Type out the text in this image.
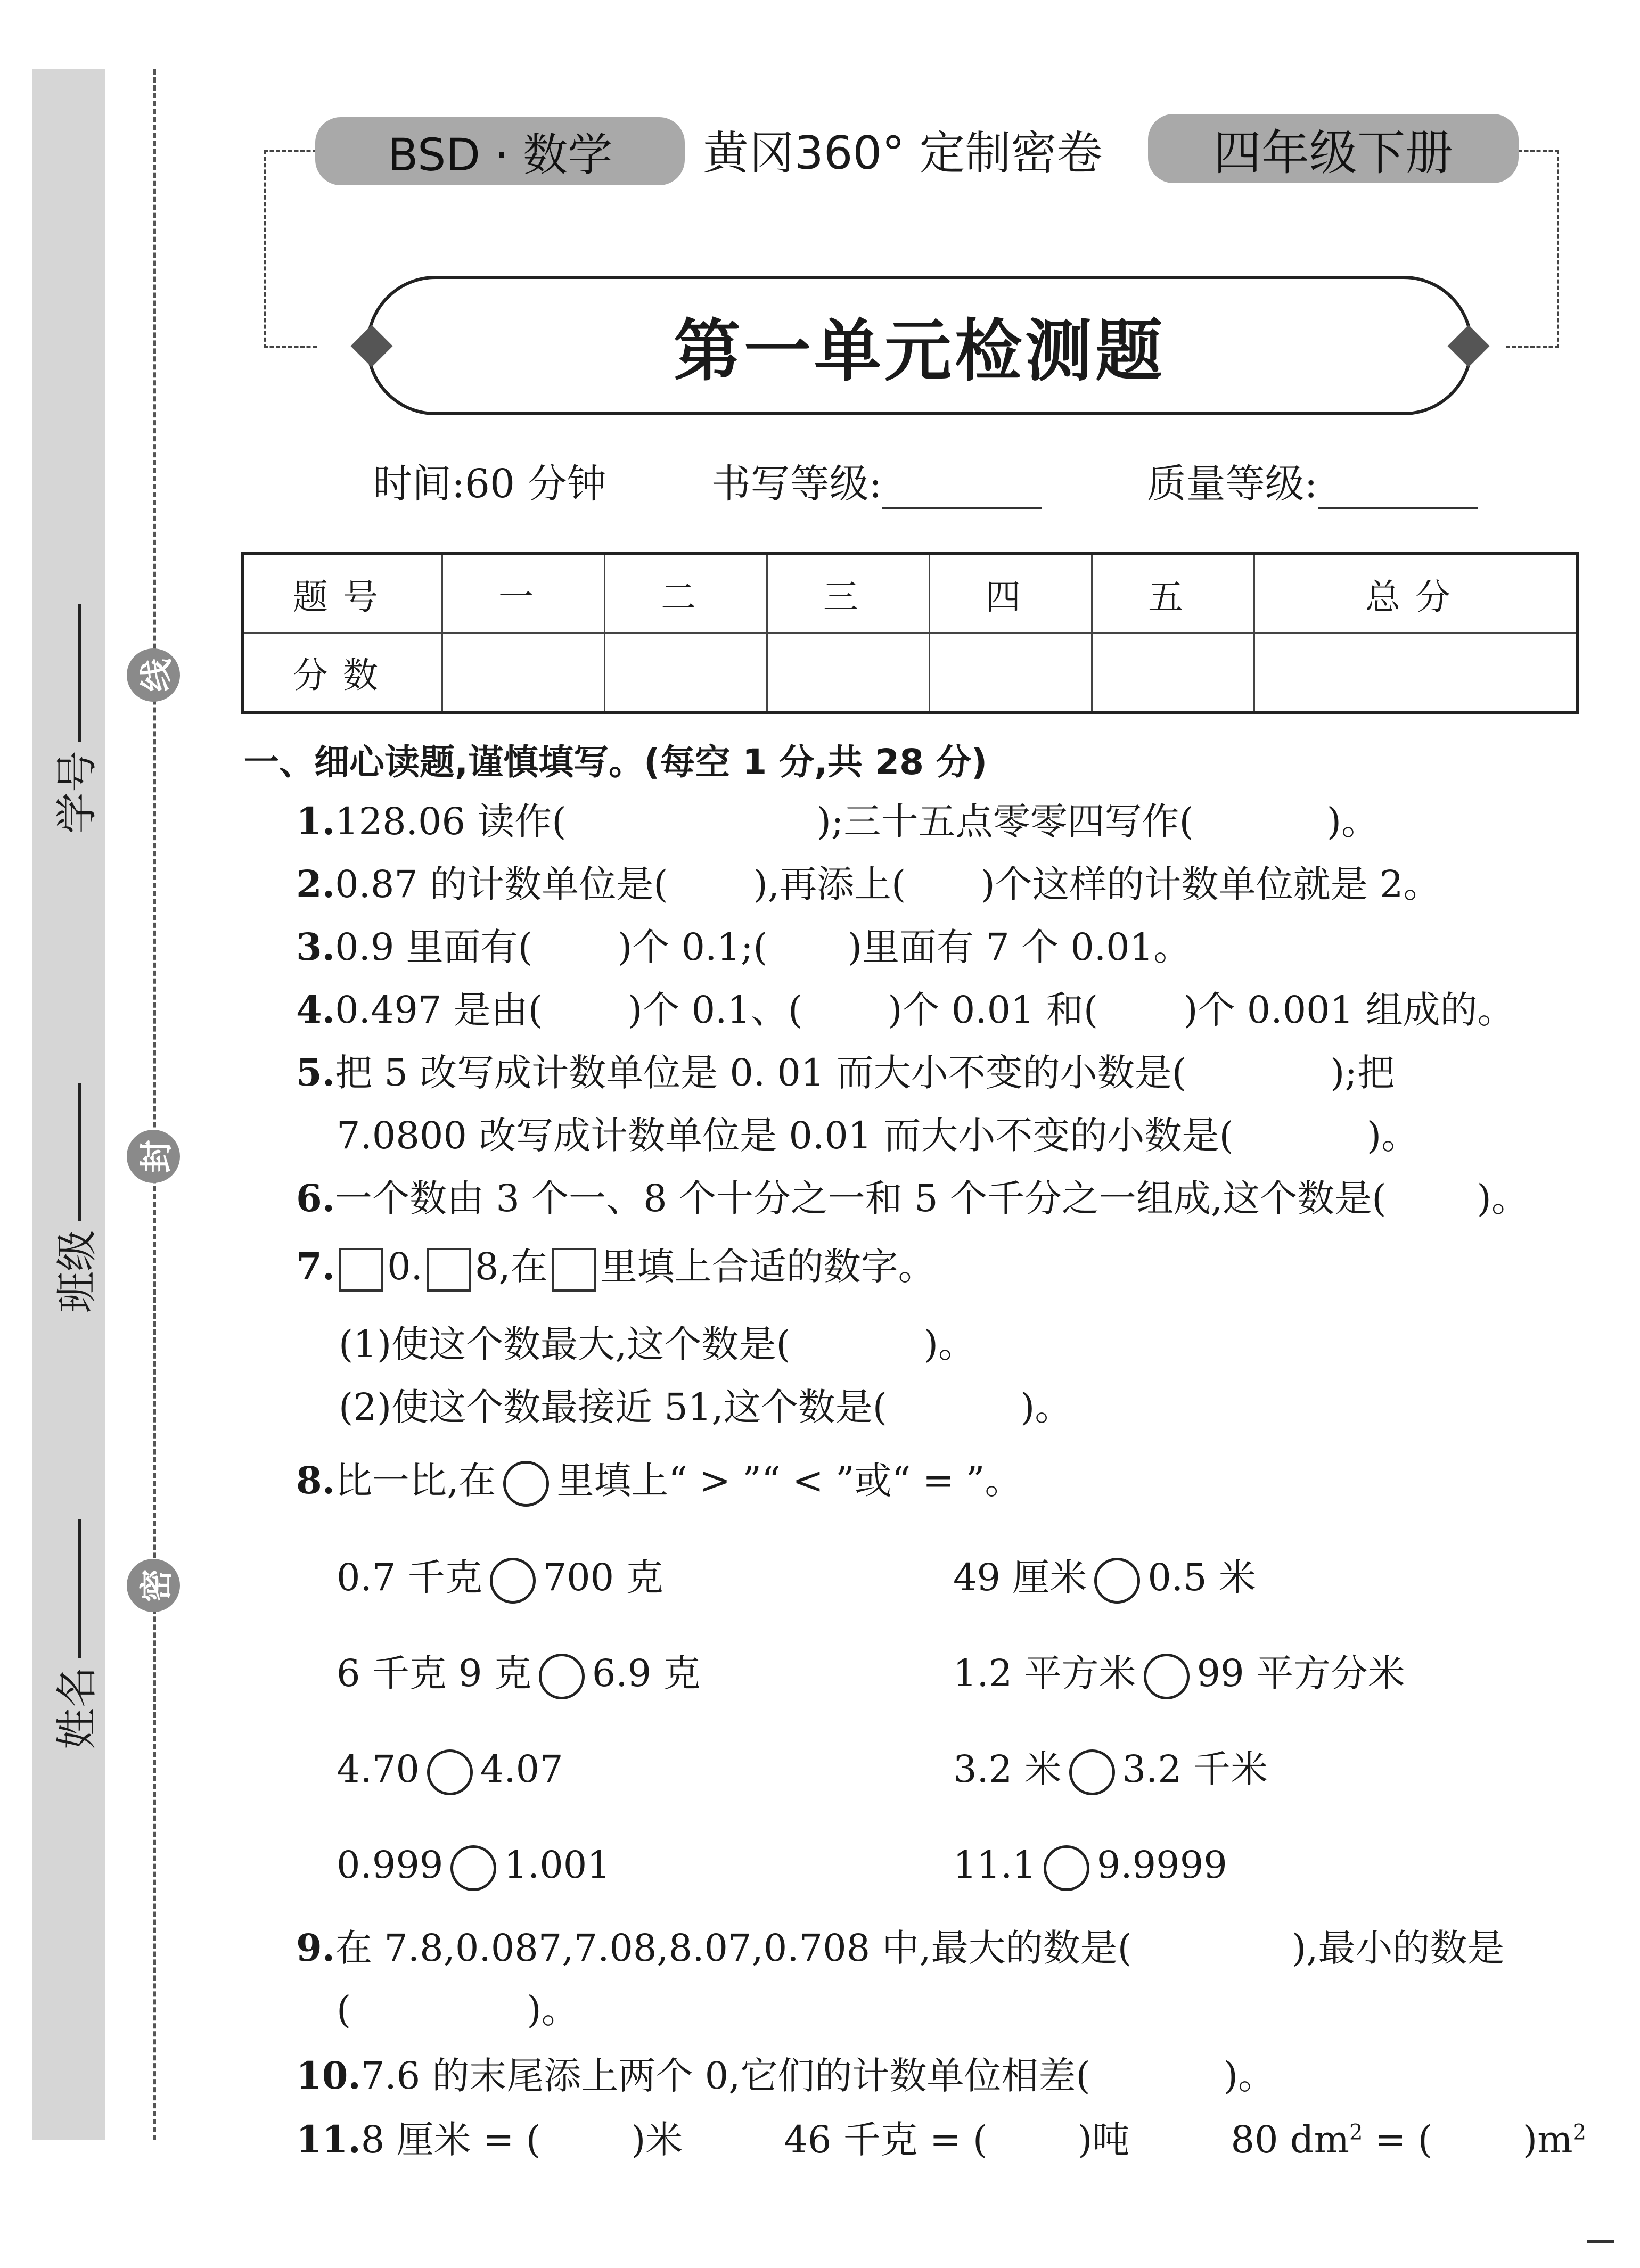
学号
班级
姓名
线
封
密
BSD · 数学	黄冈360° 定制密卷	四年级下册
第一单元检测题
时间:60 分钟	书写等级:	质量等级:
题号	一	二	三	四	五	总分
分数						
一、细心读题,谨慎填写。(每空 1 分,共 28 分)
1.128.06 读作(	);三十五点零零四写作(	)。
2.0.87 的计数单位是( ),再添上( )个这样的计数单位就是 2。
3.0.9 里面有( )个 0.1;( )里面有 7 个 0.01。
4.0.497 是由( )个 0.1、( )个 0.01 和( )个 0.001 组成的。
5.把 5 改写成计数单位是 0. 01 而大小不变的小数是(	);把
7.0800 改写成计数单位是 0.01 而大小不变的小数是(	)。
6.一个数由 3 个一、8 个十分之一和 5 个千分之一组成,这个数是( )。
7. 0. 8,在 里填上合适的数字。
(1)使这个数最大,这个数是(	)。
(2)使这个数最接近 51,这个数是(	)。
8.比一比,在 里填上“ > ”“ < ”或“ = ”。
0.7 千克 700 克	49 厘米 0.5 米
6 千克 9 克 6.9 克	1.2 平方米 99 平方分米
4.70 4.07	3.2 米 3.2 千米
0.999 1.001	11.1 9.9999
9.在 7.8,0.087,7.08,8.07,0.708 中,最大的数是(	),最小的数是
(	)。
10.7.6 的末尾添上两个 0,它们的计数单位相差(	)。
11.8 厘米 = ( )米	46 千克 = ( )吨	80 $dm^2$ = ( )$m^2$
